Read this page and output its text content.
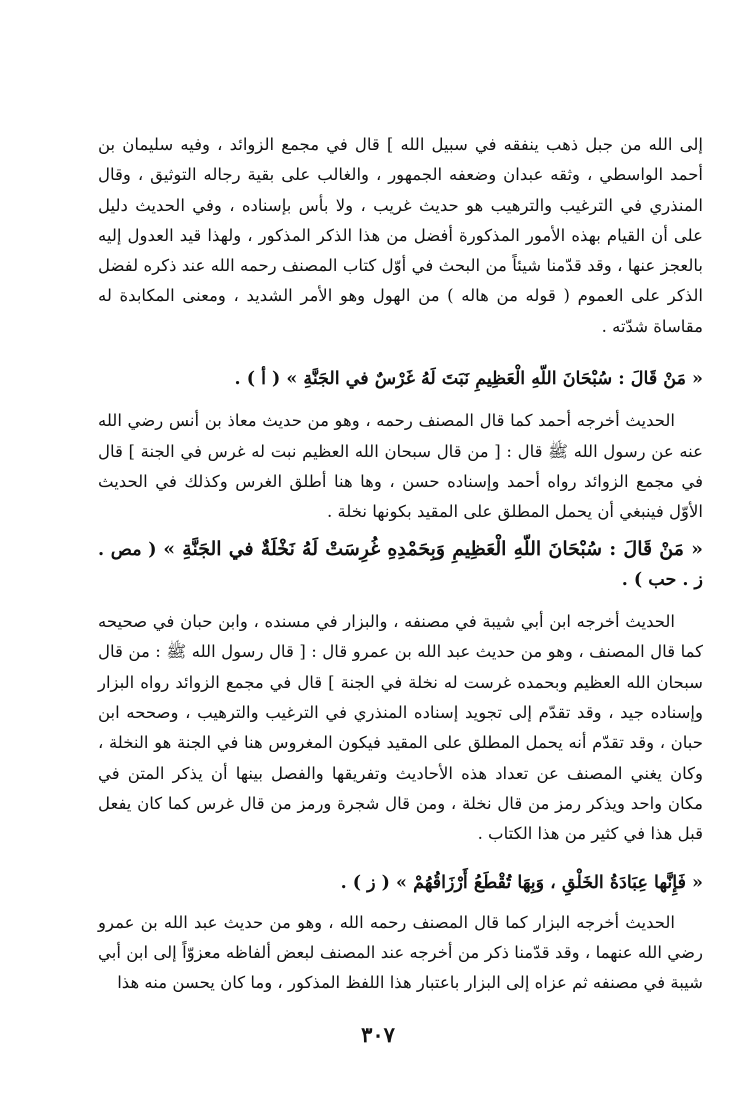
إلى الله من جبل ذهب ينفقه في سبيل الله ] قال في مجمع الزوائد ، وفيه سليمان بن أحمد الواسطي ، وثقه عبدان وضعفه الجمهور ، والغالب على بقية رجاله التوثيق ، وقال المنذري في الترغيب والترهيب هو حديث غريب ، ولا بأس بإسناده ، وفي الحديث دليل على أن القيام بهذه الأمور المذكورة أفضل من هذا الذكر المذكور ، ولهذا قيد العدول إليه بالعجز عنها ، وقد قدّمنا شيئاً من البحث في أوّل كتاب المصنف رحمه الله عند ذكره لفضل الذكر على العموم ( قوله من هاله ) من الهول وهو الأمر الشديد ، ومعنى المكابدة له مقاساة شدّته .

« مَنْ قَالَ : سُبْحَانَ اللّهِ الْعَظِيمِ نَبَتَ لَهُ غَرْسٌ في الجَنَّةِ » ( أ ) .

الحديث أخرجه أحمد كما قال المصنف رحمه ، وهو من حديث معاذ بن أنس رضي الله عنه عن رسول الله ﷺ قال : [ من قال سبحان الله العظيم نبت له غرس في الجنة ] قال في مجمع الزوائد رواه أحمد وإسناده حسن ، وها هنا أطلق الغرس وكذلك في الحديث الأوّل فينبغي أن يحمل المطلق على المقيد بكونها نخلة .

« مَنْ قَالَ : سُبْحَانَ اللّهِ الْعَظِيمِ وَبِحَمْدِهِ غُرِسَتْ لَهُ نَخْلَةٌ في الجَنَّةِ » ( مص . ز . حب ) .

الحديث أخرجه ابن أبي شيبة في مصنفه ، والبزار في مسنده ، وابن حبان في صحيحه كما قال المصنف ، وهو من حديث عبد الله بن عمرو قال : [ قال رسول الله ﷺ : من قال سبحان الله العظيم وبحمده غرست له نخلة في الجنة ] قال في مجمع الزوائد رواه البزار وإسناده جيد ، وقد تقدّم إلى تجويد إسناده المنذري في الترغيب والترهيب ، وصححه ابن حبان ، وقد تقدّم أنه يحمل المطلق على المقيد فيكون المغروس هنا في الجنة هو النخلة ، وكان يغني المصنف عن تعداد هذه الأحاديث وتفريقها والفصل بينها أن يذكر المتن في مكان واحد ويذكر رمز من قال نخلة ، ومن قال شجرة ورمز من قال غرس كما كان يفعل قبل هذا في كثير من هذا الكتاب .

« فَإِنَّها عِبَادَةُ الخَلْقِ ، وَبِهَا تُقْطَعُ أَرْزَاقُهُمْ » ( ز ) .

الحديث أخرجه البزار كما قال المصنف رحمه الله ، وهو من حديث عبد الله بن عمرو رضي الله عنهما ، وقد قدّمنا ذكر من أخرجه عند المصنف لبعض ألفاظه معزوّاً إلى ابن أبي شيبة في مصنفه ثم عزاه إلى البزار باعتبار هذا اللفظ المذكور ، وما كان يحسن منه هذا

٣٠٧
